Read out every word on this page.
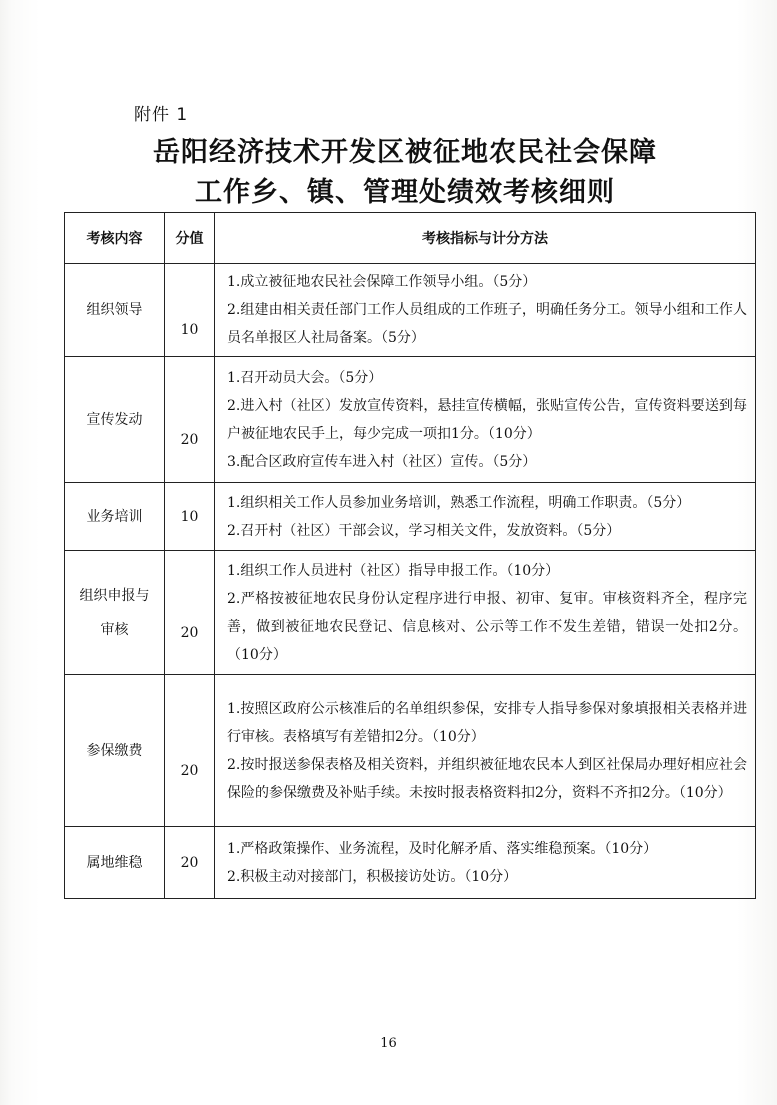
附件 1
岳阳经济技术开发区被征地农民社会保障
工作乡、镇、管理处绩效考核细则
考核内容	分值	考核指标与计分方法
组织领导	10	1.成立被征地农民社会保障工作领导小组。（5分）
2.组建由相关责任部门工作人员组成的工作班子，明确任务分工。领导小组和工作人员名单报区人社局备案。（5分）

宣传发动	20	1.召开动员大会。（5分）
2.进入村（社区）发放宣传资料，悬挂宣传横幅，张贴宣传公告，宣传资料要送到每户被征地农民手上，每少完成一项扣1分。（10分）
3.配合区政府宣传车进入村（社区）宣传。（5分）

业务培训	10	1.组织相关工作人员参加业务培训，熟悉工作流程，明确工作职责。（5分）
2.召开村（社区）干部会议，学习相关文件，发放资料。（5分）

组织申报与审核	20	1.组织工作人员进村（社区）指导申报工作。（10分）
2.严格按被征地农民身份认定程序进行申报、初审、复审。审核资料齐全，程序完善，做到被征地农民登记、信息核对、公示等工作不发生差错，错误一处扣2分。（10分）

参保缴费	20	1.按照区政府公示核准后的名单组织参保，安排专人指导参保对象填报相关表格并进行审核。表格填写有差错扣2分。（10分）
2.按时报送参保表格及相关资料，并组织被征地农民本人到区社保局办理好相应社会保险的参保缴费及补贴手续。未按时报表格资料扣2分，资料不齐扣2分。（10分）

属地维稳	20	1.严格政策操作、业务流程，及时化解矛盾、落实维稳预案。（10分）
2.积极主动对接部门，积极接访处访。（10分）
16
